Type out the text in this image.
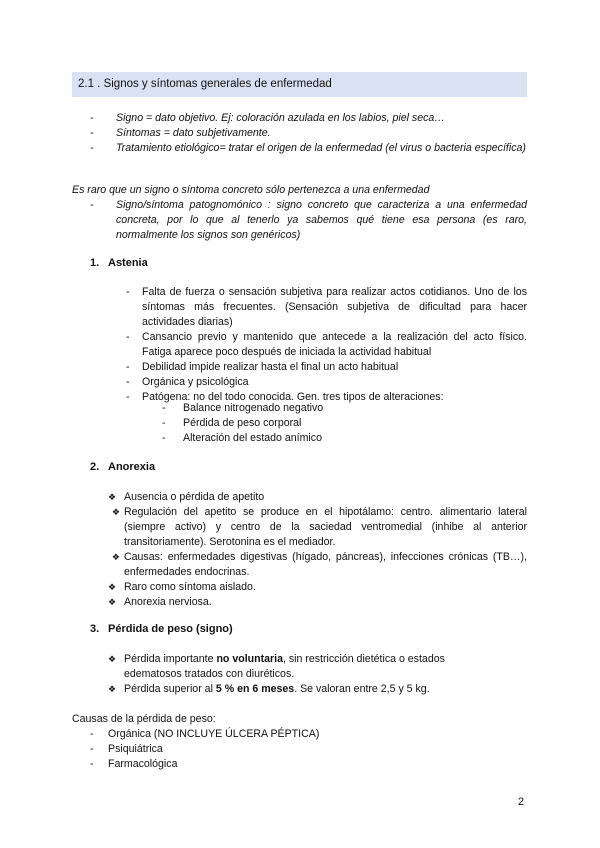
2.1 . Signos y síntomas generales de enfermedad
-	Signo = dato objetivo. Ej: coloración azulada en los labios, piel seca…
-	Síntomas = dato subjetivamente.
-	Tratamiento etiológico= tratar el origen de la enfermedad (el virus o bacteria específica)
Es raro que un signo o síntoma concreto sólo pertenezca a una enfermedad
-	Signo/síntoma patognomónico : signo concreto que caracteriza a una enfermedad concreta, por lo que al tenerlo ya sabemos qué tiene esa persona (es raro, normalmente los signos son genéricos)
1. Astenia
-	Falta de fuerza o sensación subjetiva para realizar actos cotidianos. Uno de los síntomas más frecuentes. (Sensación subjetiva de dificultad para hacer actividades diarias)
-	Cansancio previo y mantenido que antecede a la realización del acto físico. Fatiga aparece poco después de iniciada la actividad habitual
-	Debilidad impide realizar hasta el final un acto habitual
-	Orgánica y psicológica
-	Patógena: no del todo conocida. Gen. tres tipos de alteraciones:
-	Balance nitrogenado negativo
-	Pérdida de peso corporal
-	Alteración del estado anímico
2. Anorexia
❖ Ausencia o pérdida de apetito
❖ Regulación del apetito se produce en el hipotálamo: centro. alimentario lateral (siempre activo) y centro de la saciedad ventromedial (inhibe al anterior transitoriamente). Serotonina es el mediador.
❖ Causas: enfermedades digestivas (hígado, páncreas), infecciones crónicas (TB…), enfermedades endocrinas.
❖ Raro como síntoma aislado.
❖ Anorexia nerviosa.
3. Pérdida de peso (signo)
❖ Pérdida importante no voluntaria, sin restricción dietética o estados edematosos tratados con diuréticos.
❖ Pérdida superior al 5 % en 6 meses. Se valoran entre 2,5 y 5 kg.
Causas de la pérdida de peso:
-	Orgánica (NO INCLUYE ÚLCERA PÉPTICA)
-	Psiquiátrica
-	Farmacológica
2
